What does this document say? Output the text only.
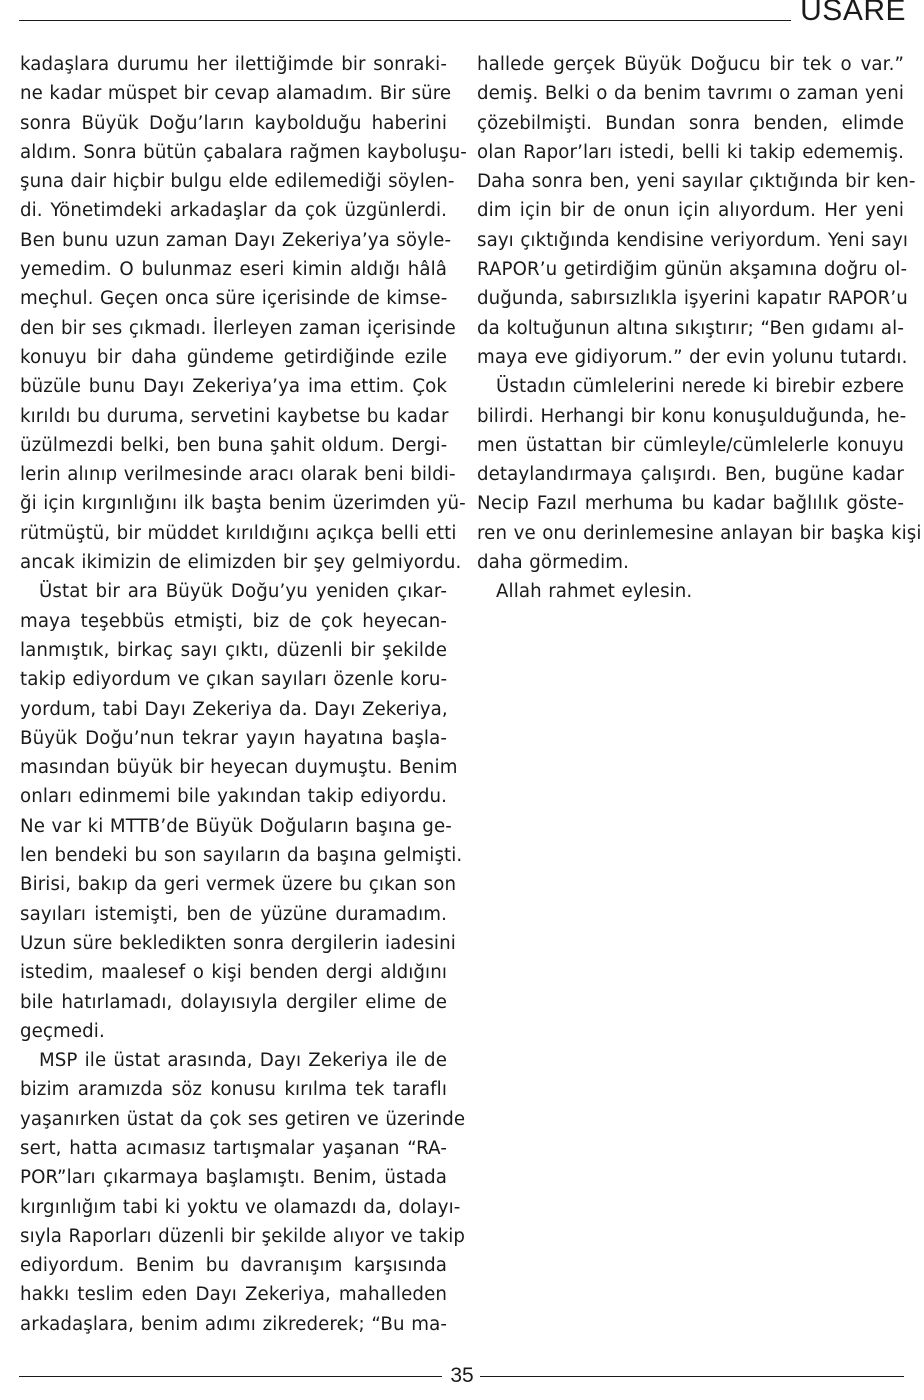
USARE
kadaşlara durumu her ilettiğimde bir sonraki-
ne kadar müspet bir cevap alamadım. Bir süre
sonra Büyük Doğu’ların kaybolduğu haberini
aldım. Sonra bütün çabalara rağmen kayboluşu-
şuna dair hiçbir bulgu elde edilemediği söylen-
di. Yönetimdeki arkadaşlar da çok üzgünlerdi.
Ben bunu uzun zaman Dayı Zekeriya’ya söyle-
yemedim. O bulunmaz eseri kimin aldığı hâlâ
meçhul. Geçen onca süre içerisinde de kimse-
den bir ses çıkmadı. İlerleyen zaman içerisinde
konuyu bir daha gündeme getirdiğinde ezile
büzüle bunu Dayı Zekeriya’ya ima ettim. Çok
kırıldı bu duruma, servetini kaybetse bu kadar
üzülmezdi belki, ben buna şahit oldum. Dergi-
lerin alınıp verilmesinde aracı olarak beni bildi-
ği için kırgınlığını ilk başta benim üzerimden yü-
rütmüştü, bir müddet kırıldığını açıkça belli etti
ancak ikimizin de elimizden bir şey gelmiyordu.
Üstat bir ara Büyük Doğu’yu yeniden çıkar-
maya teşebbüs etmişti, biz de çok heyecan-
lanmıştık, birkaç sayı çıktı, düzenli bir şekilde
takip ediyordum ve çıkan sayıları özenle koru-
yordum, tabi Dayı Zekeriya da. Dayı Zekeriya,
Büyük Doğu’nun tekrar yayın hayatına başla-
masından büyük bir heyecan duymuştu. Benim
onları edinmemi bile yakından takip ediyordu.
Ne var ki MTTB’de Büyük Doğuların başına ge-
len bendeki bu son sayıların da başına gelmişti.
Birisi, bakıp da geri vermek üzere bu çıkan son
sayıları istemişti, ben de yüzüne duramadım.
Uzun süre bekledikten sonra dergilerin iadesini
istedim, maalesef o kişi benden dergi aldığını
bile hatırlamadı, dolayısıyla dergiler elime de
geçmedi.
MSP ile üstat arasında, Dayı Zekeriya ile de
bizim aramızda söz konusu kırılma tek taraflı
yaşanırken üstat da çok ses getiren ve üzerinde
sert, hatta acımasız tartışmalar yaşanan “RA-
POR”ları çıkarmaya başlamıştı. Benim, üstada
kırgınlığım tabi ki yoktu ve olamazdı da, dolayı-
sıyla Raporları düzenli bir şekilde alıyor ve takip
ediyordum. Benim bu davranışım karşısında
hakkı teslim eden Dayı Zekeriya, mahalleden
arkadaşlara, benim adımı zikrederek; “Bu ma-
hallede gerçek Büyük Doğucu bir tek o var.”
demiş. Belki o da benim tavrımı o zaman yeni
çözebilmişti. Bundan sonra benden, elimde
olan Rapor’ları istedi, belli ki takip edememiş.
Daha sonra ben, yeni sayılar çıktığında bir ken-
dim için bir de onun için alıyordum. Her yeni
sayı çıktığında kendisine veriyordum. Yeni sayı
RAPOR’u getirdiğim günün akşamına doğru ol-
duğunda, sabırsızlıkla işyerini kapatır RAPOR’u
da koltuğunun altına sıkıştırır; “Ben gıdamı al-
maya eve gidiyorum.” der evin yolunu tutardı.
Üstadın cümlelerini nerede ki birebir ezbere
bilirdi. Herhangi bir konu konuşulduğunda, he-
men üstattan bir cümleyle/cümlelerle konuyu
detaylandırmaya çalışırdı. Ben, bugüne kadar
Necip Fazıl merhuma bu kadar bağlılık göste-
ren ve onu derinlemesine anlayan bir başka kişi
daha görmedim.
Allah rahmet eylesin.
35
